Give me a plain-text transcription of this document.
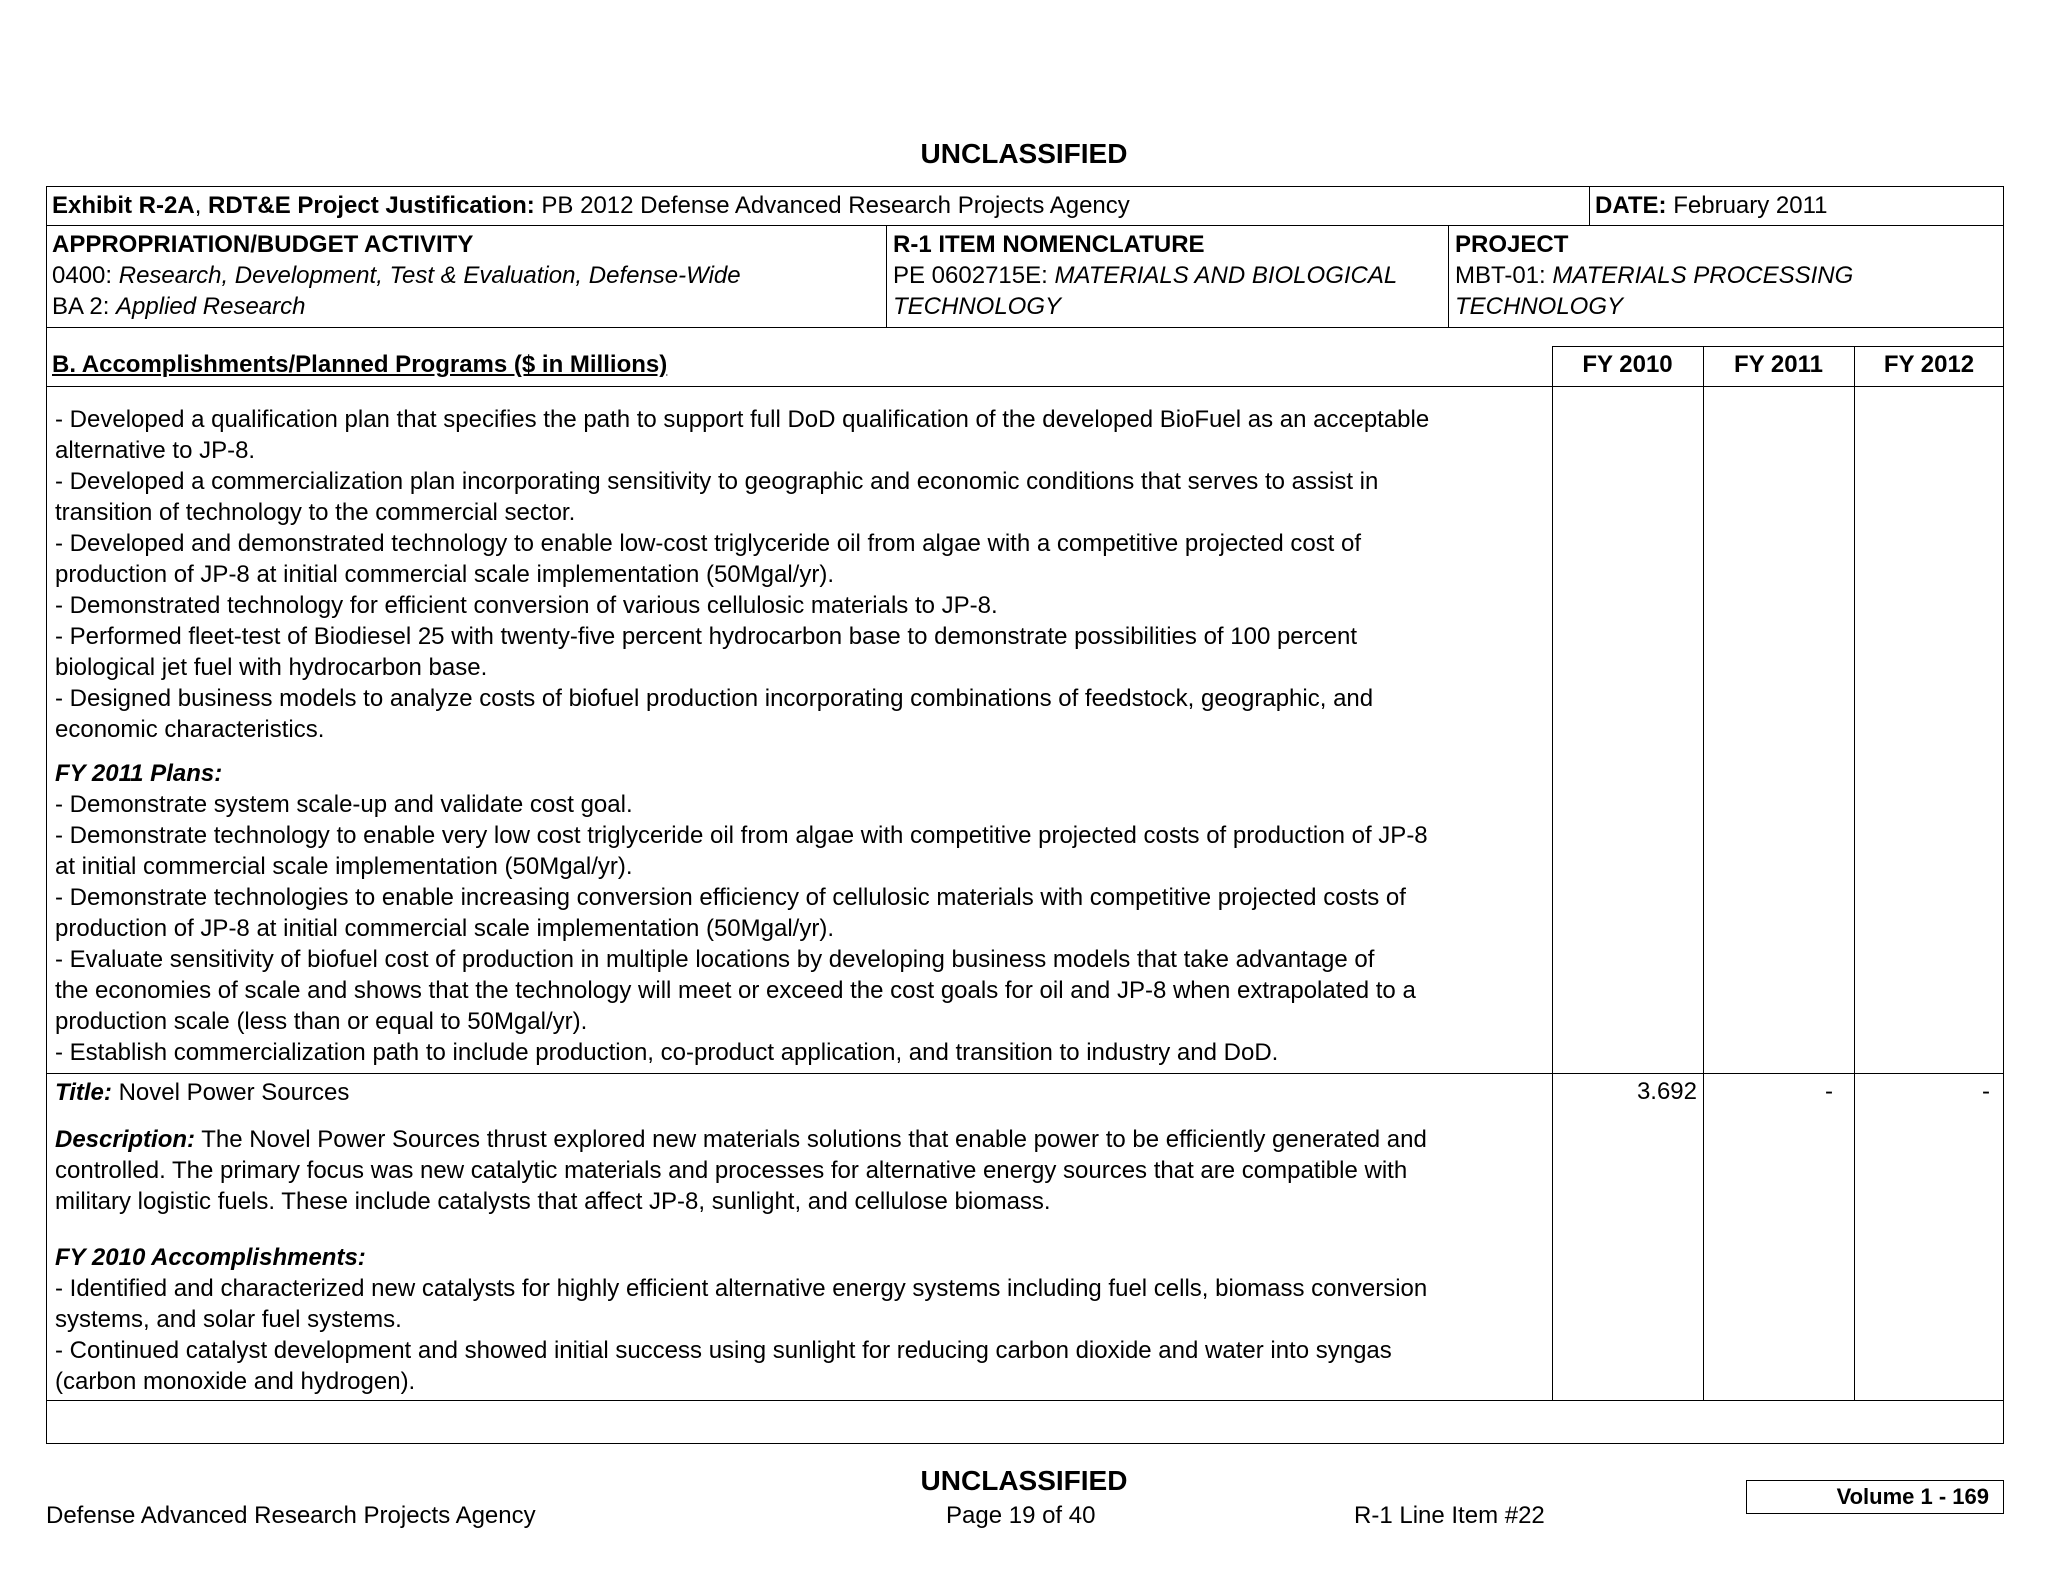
UNCLASSIFIED
Exhibit R-2A, RDT&E Project Justification: PB 2012 Defense Advanced Research Projects Agency	DATE: February 2011
APPROPRIATION/BUDGET ACTIVITY
0400: Research, Development, Test & Evaluation, Defense-Wide
BA 2: Applied Research
R-1 ITEM NOMENCLATURE
PE 0602715E: MATERIALS AND BIOLOGICAL
TECHNOLOGY
PROJECT
MBT-01: MATERIALS PROCESSING
TECHNOLOGY
B. Accomplishments/Planned Programs ($ in Millions)	FY 2010	FY 2011	FY 2012
- Developed a qualification plan that specifies the path to support full DoD qualification of the developed BioFuel as an acceptable
alternative to JP-8.
- Developed a commercialization plan incorporating sensitivity to geographic and economic conditions that serves to assist in
transition of technology to the commercial sector.
- Developed and demonstrated technology to enable low-cost triglyceride oil from algae with a competitive projected cost of
production of JP-8 at initial commercial scale implementation (50Mgal/yr).
- Demonstrated technology for efficient conversion of various cellulosic materials to JP-8.
- Performed fleet-test of Biodiesel 25 with twenty-five percent hydrocarbon base to demonstrate possibilities of 100 percent
biological jet fuel with hydrocarbon base.
- Designed business models to analyze costs of biofuel production incorporating combinations of feedstock, geographic, and
economic characteristics.
FY 2011 Plans:
- Demonstrate system scale-up and validate cost goal.
- Demonstrate technology to enable very low cost triglyceride oil from algae with competitive projected costs of production of JP-8
at initial commercial scale implementation (50Mgal/yr).
- Demonstrate technologies to enable increasing conversion efficiency of cellulosic materials with competitive projected costs of
production of JP-8 at initial commercial scale implementation (50Mgal/yr).
- Evaluate sensitivity of biofuel cost of production in multiple locations by developing business models that take advantage of
the economies of scale and shows that the technology will meet or exceed the cost goals for oil and JP-8 when extrapolated to a
production scale (less than or equal to 50Mgal/yr).
- Establish commercialization path to include production, co-product application, and transition to industry and DoD.
Title: Novel Power Sources	3.692	-	-
Description: The Novel Power Sources thrust explored new materials solutions that enable power to be efficiently generated and
controlled. The primary focus was new catalytic materials and processes for alternative energy sources that are compatible with
military logistic fuels. These include catalysts that affect JP-8, sunlight, and cellulose biomass.
FY 2010 Accomplishments:
- Identified and characterized new catalysts for highly efficient alternative energy systems including fuel cells, biomass conversion
systems, and solar fuel systems.
- Continued catalyst development and showed initial success using sunlight for reducing carbon dioxide and water into syngas
(carbon monoxide and hydrogen).
UNCLASSIFIED
Defense Advanced Research Projects Agency	Page 19 of 40	R-1 Line Item #22
Volume 1 - 169
